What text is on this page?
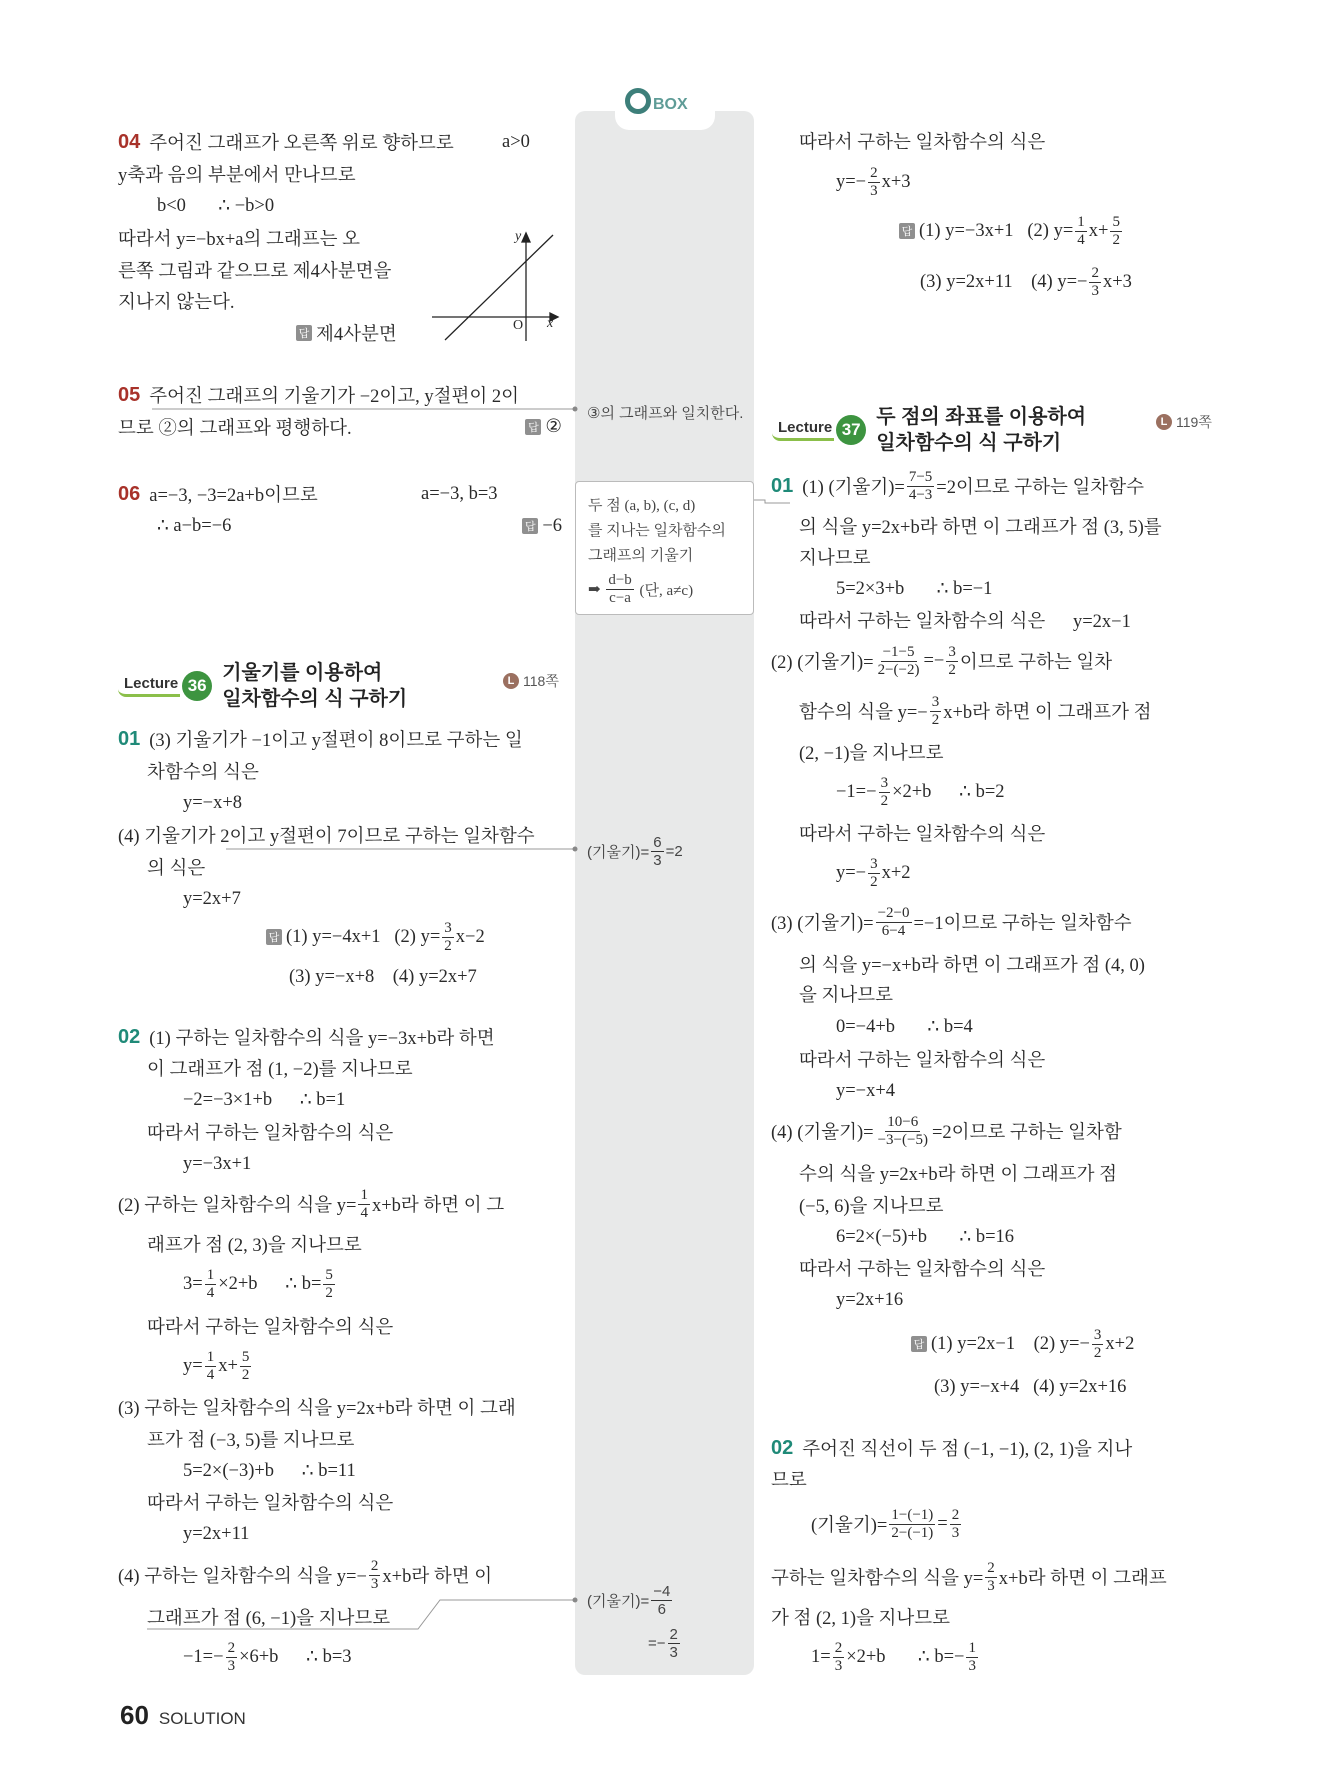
BOX
y
O x
04 주어진 그래프가 오른쪽 위로 향하므로	a>0
y축과 음의 부분에서 만나므로
b<0       ∴ −b>0
따라서 y=−bx+a의 그래프는 오
른쪽 그림과 같으므로 제4사분면을
지나지 않는다.
답 제4사분면
05 주어진 그래프의 기울기가 −2이고, y절편이 2이
므로 ②의 그래프와 평행하다.	답 ②
06 a=−3, −3=2a+b이므로	a=−3, b=3
∴ a−b=−6	답 −6
Lecture 36
기울기를 이용하여
일차함수의 식 구하기
L 118쪽
01 (3) 기울기가 −1이고 y절편이 8이므로 구하는 일
차함수의 식은
y=−x+8
(4) 기울기가 2이고 y절편이 7이므로 구하는 일차함수
의 식은
y=2x+7
답 (1) y=−4x+1   (2) $y= \frac{3}{2} x-2$
(3) y=−x+8    (4) y=2x+7
02 (1) 구하는 일차함수의 식을 y=−3x+b라 하면
이 그래프가 점 (1, −2)를 지나므로
−2=−3×1+b      ∴ b=1
따라서 구하는 일차함수의 식은
y=−3x+1
(2) 구하는 일차함수의 식을 $y= \frac{1}{4} x+b$라 하면 이 그
래프가 점 (2, 3)을 지나므로
$3= \frac{1}{4} \times 2+b$      ∴ $b= \frac{5}{2}$
따라서 구하는 일차함수의 식은
$y= \frac{1}{4} x+ \frac{5}{2}$
(3) 구하는 일차함수의 식을 y=2x+b라 하면 이 그래
프가 점 (−3, 5)를 지나므로
5=2×(−3)+b      ∴ b=11
따라서 구하는 일차함수의 식은
y=2x+11
(4) 구하는 일차함수의 식을 $y=- \frac{2}{3} x+b$라 하면 이
그래프가 점 (6, −1)을 지나므로
$-1=- \frac{2}{3} \times 6+b$      ∴ b=3
③의 그래프와 일치한다.
(기울기)= $\frac{6}{3} =2$
(기울기)= $\frac{-4}{6}$
=− $\frac{2}{3}$
두 점 (a, b), (c, d)
를 지나는 일차함수의
그래프의 기울기
➡ $\frac{d-b}{c-a}$ (단, a≠c)
따라서 구하는 일차함수의 식은
$y=- \frac{2}{3} x+3$
답 (1) y=−3x+1   (2) $y= \frac{1}{4} x+ \frac{5}{2}$
(3) y=2x+11    (4) $y=- \frac{2}{3} x+3$
Lecture 37
두 점의 좌표를 이용하여
일차함수의 식 구하기
L 119쪽
01 (1) (기울기)= $\frac{7-5}{4-3} =2$이므로 구하는 일차함수
의 식을 y=2x+b라 하면 이 그래프가 점 (3, 5)를
지나므로
5=2×3+b       ∴ b=−1
따라서 구하는 일차함수의 식은      y=2x−1
(2) (기울기)= $\frac{-1-5}{2-(-2)} =- \frac{3}{2}$ 이므로 구하는 일차
함수의 식을 $y=- \frac{3}{2} x+b$라 하면 이 그래프가 점
(2, −1)을 지나므로
$-1=- \frac{3}{2} \times 2+b$      ∴ b=2
따라서 구하는 일차함수의 식은
$y=- \frac{3}{2} x+2$
(3) (기울기)= $\frac{-2-0}{6-4} =-1$이므로 구하는 일차함수
의 식을 y=−x+b라 하면 이 그래프가 점 (4, 0)
을 지나므로
0=−4+b       ∴ b=4
따라서 구하는 일차함수의 식은
y=−x+4
(4) (기울기)= $\frac{10-6}{-3-(-5)} =2$이므로 구하는 일차함
수의 식을 y=2x+b라 하면 이 그래프가 점
(−5, 6)을 지나므로
6=2×(−5)+b       ∴ b=16
따라서 구하는 일차함수의 식은
y=2x+16
답 (1) y=2x−1    (2) $y=- \frac{3}{2} x+2$
(3) y=−x+4   (4) y=2x+16
02 주어진 직선이 두 점 (−1, −1), (2, 1)을 지나
므로
(기울기)= $\frac{1-(-1)}{2-(-1)} = \frac{2}{3}$
구하는 일차함수의 식을 $y= \frac{2}{3} x+b$라 하면 이 그래프
가 점 (2, 1)을 지나므로
$1= \frac{2}{3} \times 2+b$       ∴ $b=- \frac{1}{3}$
60 SOLUTION
